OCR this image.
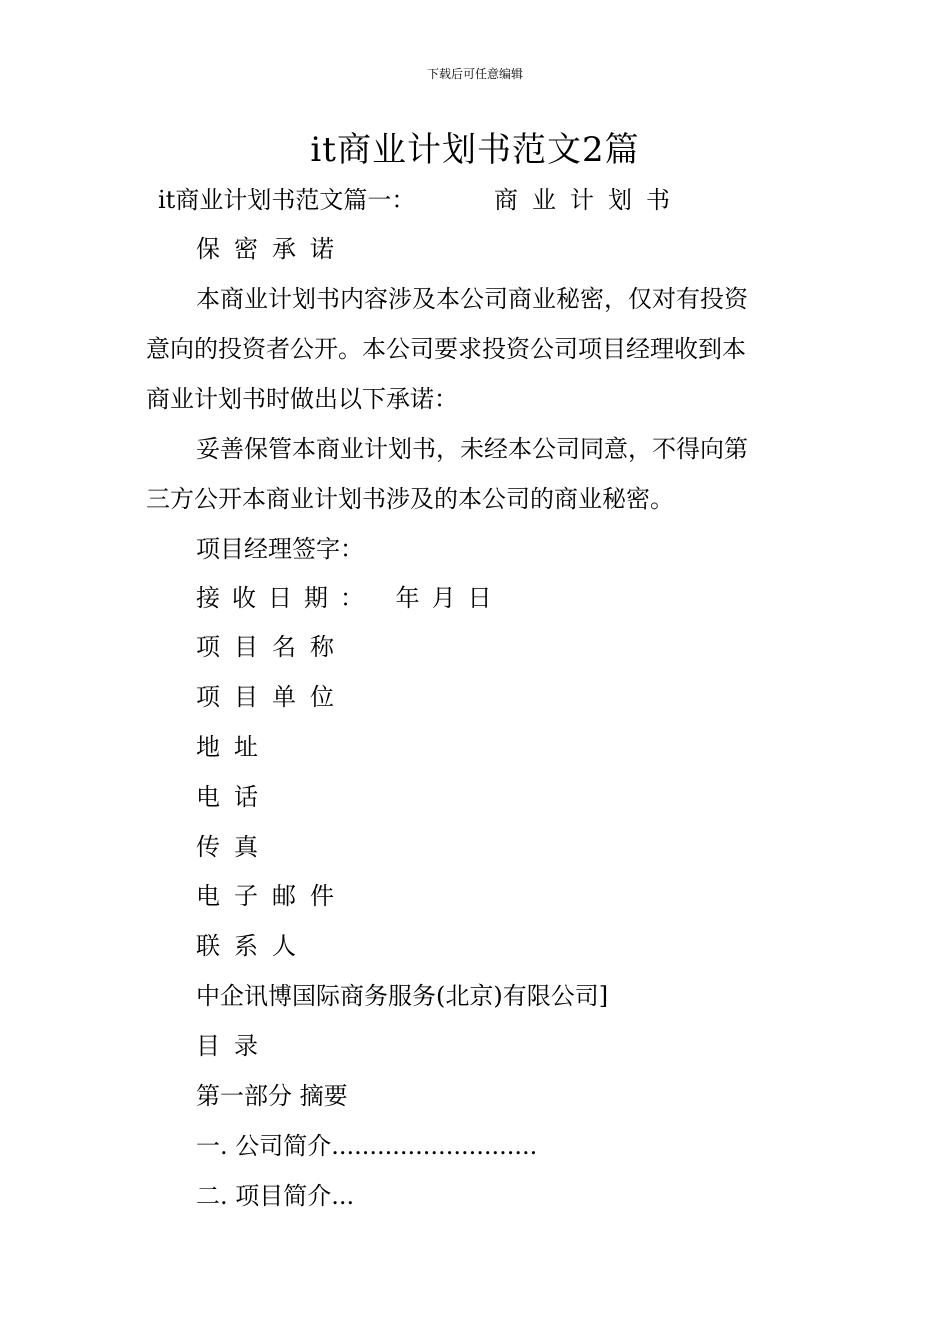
下载后可任意编辑
it商业计划书范文2篇
it商业计划书范文篇一：	商业计划书
保密承诺
本商业计划书内容涉及本公司商业秘密，仅对有投资
意向的投资者公开。本公司要求投资公司项目经理收到本
商业计划书时做出以下承诺：
妥善保管本商业计划书，未经本公司同意，不得向第
三方公开本商业计划书涉及的本公司的商业秘密。
项目经理签字：
接收日期： 年月日
项目名称
项目单位
地址
电话
传真
电子邮件
联系人
中企讯博国际商务服务(北京)有限公司]
目录
第一部分 摘要
一. 公司简介...........................
二. 项目简介...
